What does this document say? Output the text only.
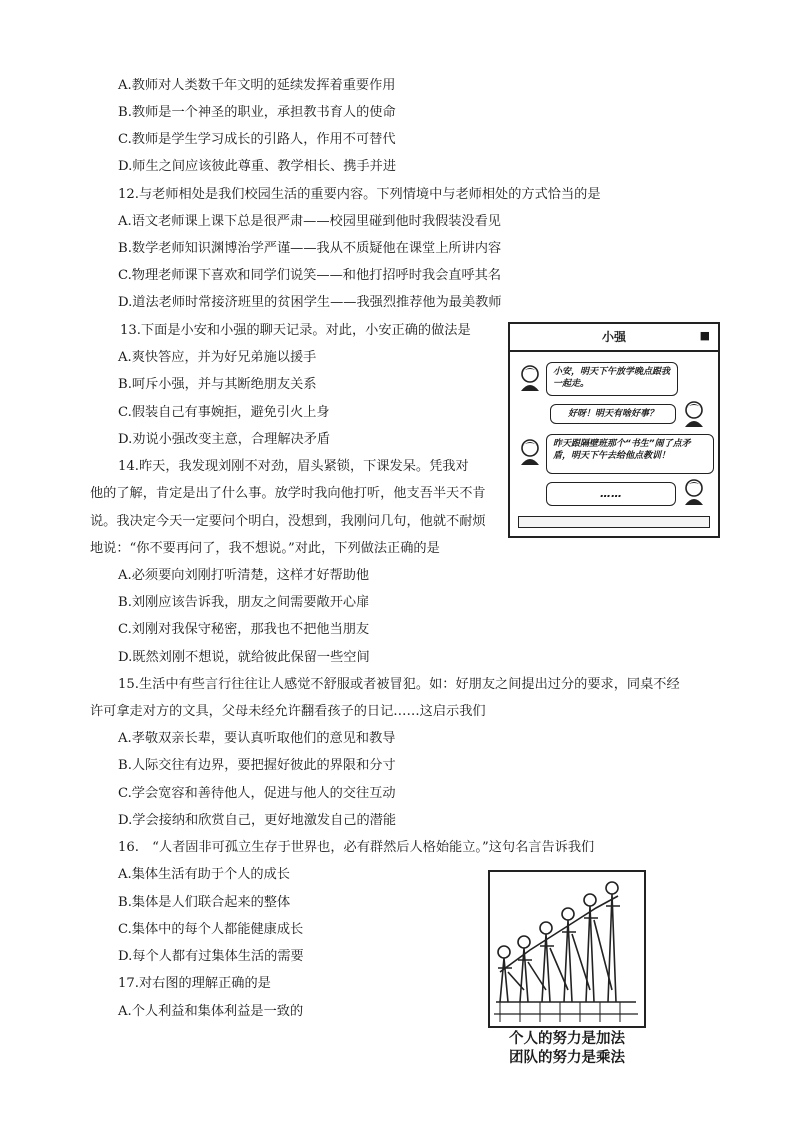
A.教师对人类数千年文明的延续发挥着重要作用
B.教师是一个神圣的职业，承担教书育人的使命
C.教师是学生学习成长的引路人，作用不可替代
D.师生之间应该彼此尊重、教学相长、携手并进
12.与老师相处是我们校园生活的重要内容。下列情境中与老师相处的方式恰当的是
A.语文老师课上课下总是很严肃——校园里碰到他时我假装没看见
B.数学老师知识渊博治学严谨——我从不质疑他在课堂上所讲内容
C.物理老师课下喜欢和同学们说笑——和他打招呼时我会直呼其名
D.道法老师时常接济班里的贫困学生——我强烈推荐他为最美教师
13.下面是小安和小强的聊天记录。对此，小安正确的做法是
A.爽快答应，并为好兄弟施以援手
B.呵斥小强，并与其断绝朋友关系
C.假装自己有事婉拒，避免引火上身
D.劝说小强改变主意，合理解决矛盾
小强	■
小安，明天下午放学晚点跟我一起走。
好呀！明天有啥好事？
昨天跟隔壁班那个“书生”闹了点矛盾，明天下午去给他点教训！
……
14.昨天，我发现刘刚不对劲，眉头紧锁，下课发呆。凭我对
他的了解，肯定是出了什么事。放学时我向他打听，他支吾半天不肯
说。我决定今天一定要问个明白，没想到，我刚问几句，他就不耐烦
地说：“你不要再问了，我不想说。”对此，下列做法正确的是
A.必须要向刘刚打听清楚，这样才好帮助他
B.刘刚应该告诉我，朋友之间需要敞开心扉
C.刘刚对我保守秘密，那我也不把他当朋友
D.既然刘刚不想说，就给彼此保留一些空间
15.生活中有些言行往往让人感觉不舒服或者被冒犯。如：好朋友之间提出过分的要求，同桌不经
许可拿走对方的文具，父母未经允许翻看孩子的日记……这启示我们
A.孝敬双亲长辈，要认真听取他们的意见和教导
B.人际交往有边界，要把握好彼此的界限和分寸
C.学会宽容和善待他人，促进与他人的交往互动
D.学会接纳和欣赏自己，更好地激发自己的潜能
16.　“人者固非可孤立生存于世界也，必有群然后人格始能立。”这句名言告诉我们
A.集体生活有助于个人的成长
B.集体是人们联合起来的整体
C.集体中的每个人都能健康成长
D.每个人都有过集体生活的需要
17.对右图的理解正确的是
A.个人利益和集体利益是一致的
个人的努力是加法
团队的努力是乘法
